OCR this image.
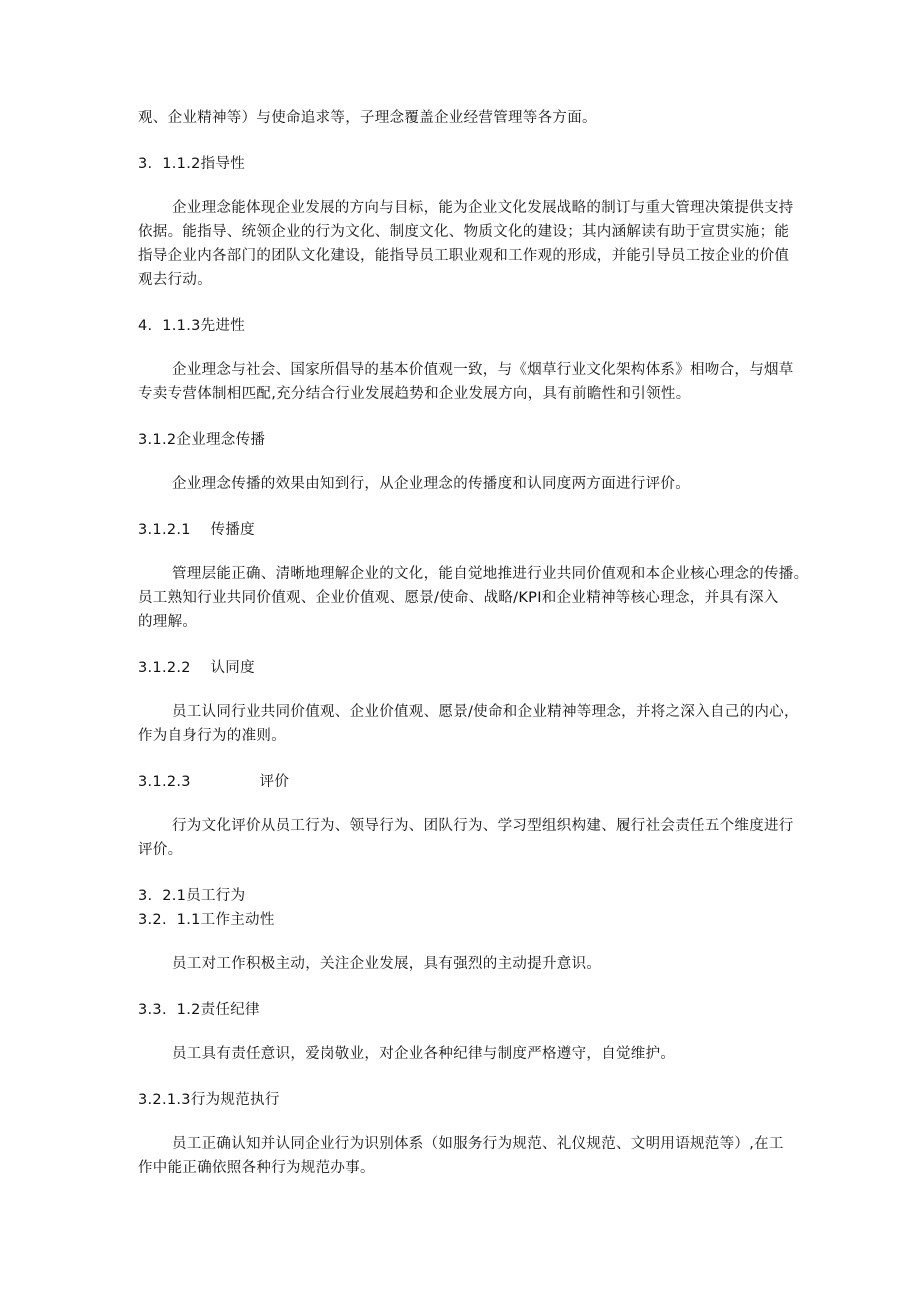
观、企业精神等）与使命追求等，子理念覆盖企业经营管理等各方面。
3.  1.1.2指导性
企业理念能体现企业发展的方向与目标，能为企业文化发展战略的制订与重大管理决策提供支持
依据。能指导、统领企业的行为文化、制度文化、物质文化的建设；其内涵解读有助于宣贯实施；能
指导企业内各部门的团队文化建设，能指导员工职业观和工作观的形成，并能引导员工按企业的价值
观去行动。
4.  1.1.3先进性
企业理念与社会、国家所倡导的基本价值观一致，与《烟草行业文化架构体系》相吻合，与烟草
专卖专营体制相匹配,充分结合行业发展趋势和企业发展方向，具有前瞻性和引领性。
3.1.2企业理念传播
企业理念传播的效果由知到行，从企业理念的传播度和认同度两方面进行评价。
3.1.2.1    传播度
管理层能正确、清晰地理解企业的文化，能自觉地推进行业共同价值观和本企业核心理念的传播。
员工熟知行业共同价值观、企业价值观、愿景/使命、战略/KPI和企业精神等核心理念，并具有深入
的理解。
3.1.2.2    认同度
员工认同行业共同价值观、企业价值观、愿景/使命和企业精神等理念，并将之深入自己的内心，
作为自身行为的准则。
3.1.2.3              评价
行为文化评价从员工行为、领导行为、团队行为、学习型组织构建、履行社会责任五个维度进行
评价。
3.  2.1员工行为
3.2.  1.1工作主动性
员工对工作积极主动，关注企业发展，具有强烈的主动提升意识。
3.3.  1.2责任纪律
员工具有责任意识，爱岗敬业，对企业各种纪律与制度严格遵守，自觉维护。
3.2.1.3行为规范执行
员工正确认知并认同企业行为识别体系（如服务行为规范、礼仪规范、文明用语规范等）,在工
作中能正确依照各种行为规范办事。
